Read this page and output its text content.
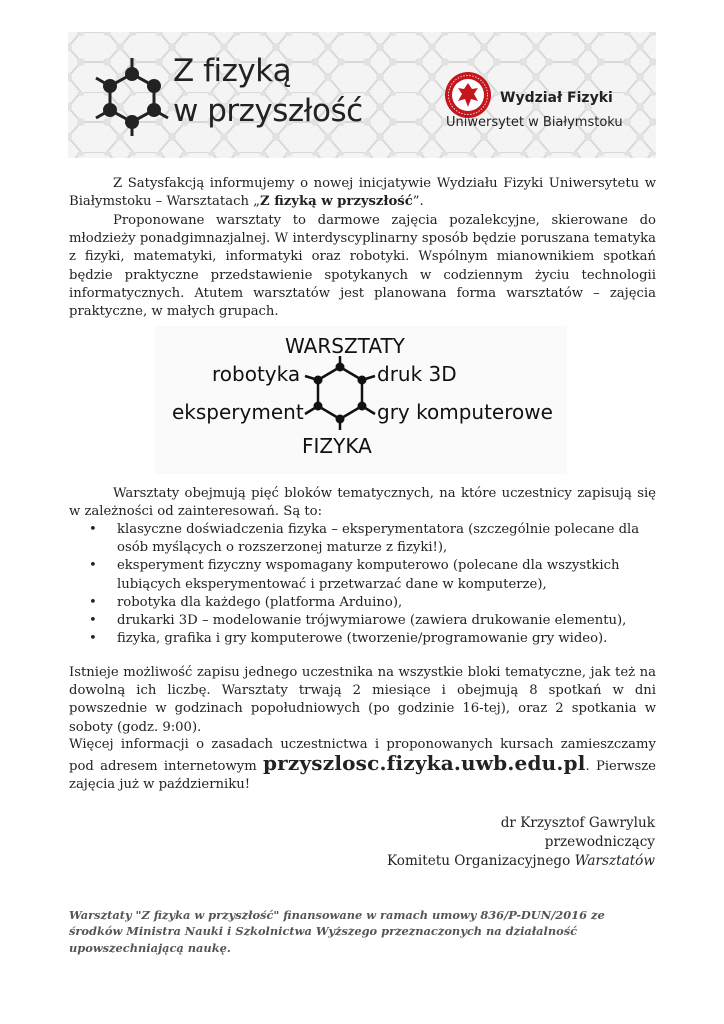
Z fizyką
w przyszłość	Wydział Fizyki
Uniwersytet w Białymstoku
Z Satysfakcją informujemy o nowej inicjatywie Wydziału Fizyki Uniwersytetu w Białymstoku – Warsztatach „Z fizyką w przyszłość”.
Proponowane warsztaty to darmowe zajęcia pozalekcyjne, skierowane do młodzieży ponadgimnazjalnej. W interdyscyplinarny sposób będzie poruszana tematyka z fizyki, matematyki, informatyki oraz robotyki. Wspólnym mianownikiem spotkań będzie praktyczne przedstawienie spotykanych w codziennym życiu technologii informatycznych. Atutem warsztatów jest planowana forma warsztatów – zajęcia praktyczne, w małych grupach.
WARSZTATY
robotyka	druk 3D
eksperyment	gry komputerowe
FIZYKA
Warsztaty obejmują pięć bloków tematycznych, na które uczestnicy zapisują się w zależności od zainteresowań. Są to:
• klasyczne doświadczenia fizyka – eksperymentatora (szczególnie polecane dla osób myślących o rozszerzonej maturze z fizyki!),
• eksperyment fizyczny wspomagany komputerowo (polecane dla wszystkich lubiących eksperymentować i przetwarzać dane w komputerze),
• robotyka dla każdego (platforma Arduino),
• drukarki 3D – modelowanie trójwymiarowe (zawiera drukowanie elementu),
• fizyka, grafika i gry komputerowe (tworzenie/programowanie gry wideo).
Istnieje możliwość zapisu jednego uczestnika na wszystkie bloki tematyczne, jak też na dowolną ich liczbę. Warsztaty trwają 2 miesiące i obejmują 8 spotkań w dni powszednie w godzinach popołudniowych (po godzinie 16-tej), oraz 2 spotkania w soboty (godz. 9:00).
Więcej informacji o zasadach uczestnictwa i proponowanych kursach zamieszczamy pod adresem internetowym przyszlosc.fizyka.uwb.edu.pl. Pierwsze zajęcia już w październiku!
dr Krzysztof Gawryluk
przewodniczący
Komitetu Organizacyjnego Warsztatów
Warsztaty "Z fizyka w przyszłość" finansowane w ramach umowy 836/P-DUN/2016 ze środków Ministra Nauki i Szkolnictwa Wyższego przeznaczonych na działalność upowszechniającą naukę.
